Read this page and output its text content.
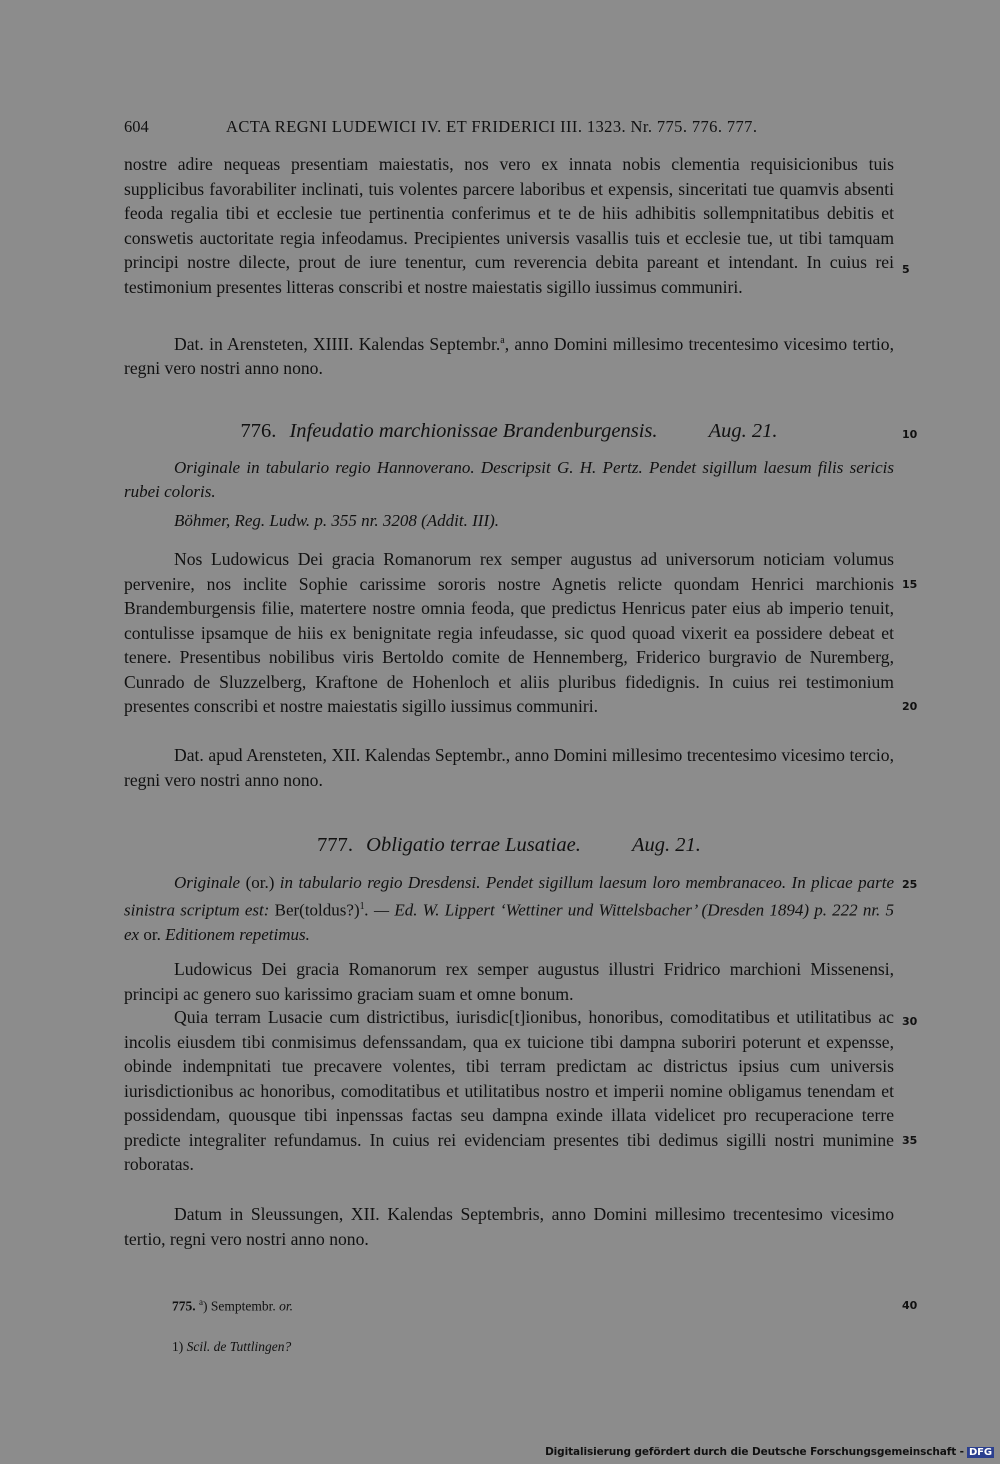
604	ACTA REGNI LUDEWICI IV. ET FRIDERICI III. 1323. Nr. 775. 776. 777.
nostre adire nequeas presentiam maiestatis, nos vero ex innata nobis clementia requisicionibus tuis supplicibus favorabiliter inclinati, tuis volentes parcere laboribus et expensis, sinceritati tue quamvis absenti feoda regalia tibi et ecclesie tue pertinentia conferimus et te de hiis adhibitis sollempnitatibus debitis et conswetis auctoritate regia infeodamus. Precipientes universis vasallis tuis et ecclesie tue, ut tibi tamquam principi nostre dilecte, prout de iure tenentur, cum reverencia debita pareant et intendant. In cuius rei testimonium presentes litteras conscribi et nostre maiestatis sigillo iussimus communiri.
Dat. in Arensteten, XIIII. Kalendas Septembr.$^a$, anno Domini millesimo trecentesimo vicesimo tertio, regni vero nostri anno nono.
776. Infeudatio marchionissae Brandenburgensis. Aug. 21.
Originale in tabulario regio Hannoverano. Descripsit G. H. Pertz. Pendet sigillum laesum filis sericis rubei coloris.
Böhmer, Reg. Ludw. p. 355 nr. 3208 (Addit. III).
Nos Ludowicus Dei gracia Romanorum rex semper augustus ad universorum noticiam volumus pervenire, nos inclite Sophie carissime sororis nostre Agnetis relicte quondam Henrici marchionis Brandemburgensis filie, matertere nostre omnia feoda, que predictus Henricus pater eius ab imperio tenuit, contulisse ipsamque de hiis ex benignitate regia infeudasse, sic quod quoad vixerit ea possidere debeat et tenere. Presentibus nobilibus viris Bertoldo comite de Hennemberg, Friderico burgravio de Nuremberg, Cunrado de Sluzzelberg, Kraftone de Hohenloch et aliis pluribus fidedignis. In cuius rei testimonium presentes conscribi et nostre maiestatis sigillo iussimus communiri.
Dat. apud Arensteten, XII. Kalendas Septembr., anno Domini millesimo trecentesimo vicesimo tercio, regni vero nostri anno nono.
777. Obligatio terrae Lusatiae. Aug. 21.
Originale (or.) in tabulario regio Dresdensi. Pendet sigillum laesum loro membranaceo. In plicae parte sinistra scriptum est: Ber(toldus?)$^1$. — Ed. W. Lippert ‘Wettiner und Wittelsbacher’ (Dresden 1894) p. 222 nr. 5 ex or. Editionem repetimus.
Ludowicus Dei gracia Romanorum rex semper augustus illustri Fridrico marchioni Missenensi, principi ac genero suo karissimo graciam suam et omne bonum.
Quia terram Lusacie cum districtibus, iurisdic[t]ionibus, honoribus, comoditatibus et utilitatibus ac incolis eiusdem tibi conmisimus defenssandam, qua ex tuicione tibi dampna suboriri poterunt et expensse, obinde indempnitati tue precavere volentes, tibi terram predictam ac districtus ipsius cum universis iurisdictionibus ac honoribus, comoditatibus et utilitatibus nostro et imperii nomine obligamus tenendam et possidendam, quousque tibi inpenssas factas seu dampna exinde illata videlicet pro recuperacione terre predicte integraliter refundamus. In cuius rei evidenciam presentes tibi dedimus sigilli nostri munimine roboratas.
Datum in Sleussungen, XII. Kalendas Septembris, anno Domini millesimo trecentesimo vicesimo tertio, regni vero nostri anno nono.
775. $^a$) Semptembr. or.
1) Scil. de Tuttlingen?
5
10
15
20
25
30
35
40
Digitalisierung gefördert durch die Deutsche Forschungsgemeinschaft - DFG
